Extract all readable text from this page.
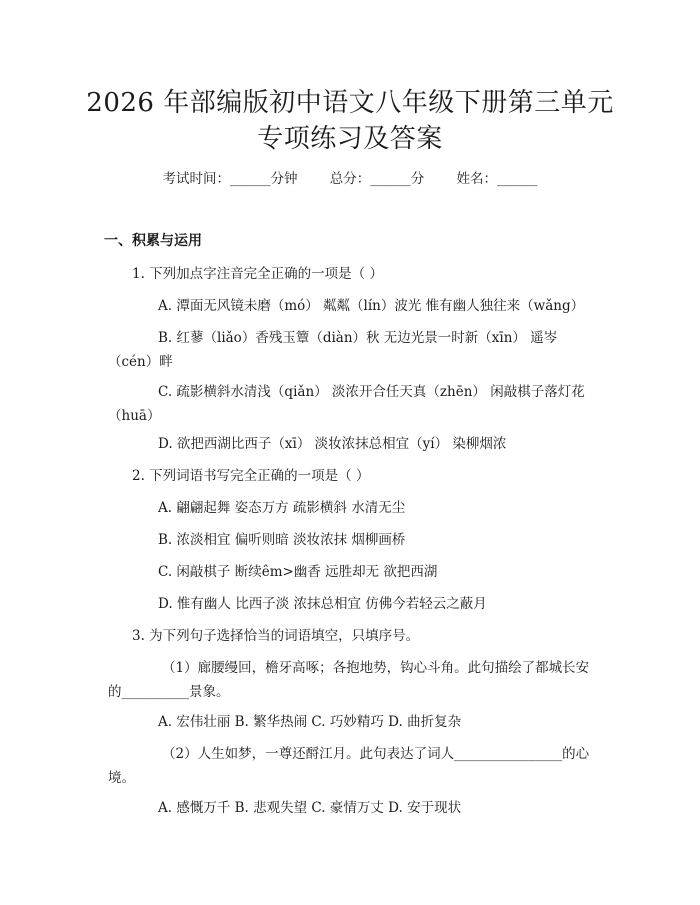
2026 年部编版初中语文八年级下册第三单元
专项练习及答案
考试时间：______分钟 总分：______分 姓名：______
一、积累与运用
1. 下列加点字注音完全正确的一项是（ ）
A. 潭面无风镜未磨（mó） 粼粼（lín）波光 惟有幽人独往来（wǎng）
B. 红蓼（liǎo）香残玉簟（diàn）秋 无边光景一时新（xīn） 遥岑
（cén）畔
C. 疏影横斜水清浅（qiǎn） 淡浓开合任天真（zhēn） 闲敲棋子落灯花
（huā）
D. 欲把西湖比西子（xī） 淡妆浓抹总相宜（yí） 染柳烟浓
2. 下列词语书写完全正确的一项是（ ）
A. 翩翩起舞 姿态万方 疏影横斜 水清无尘
B. 浓淡相宜 偏听则暗 淡妆浓抹 烟柳画桥
C. 闲敲棋子 断续êm>幽香 远胜却无 欲把西湖
D. 惟有幽人 比西子淡 浓抹总相宜 仿佛今若轻云之蔽月
3. 为下列句子选择恰当的词语填空，只填序号。
（1）廊腰缦回，檐牙高啄；各抱地势，钩心斗角。此句描绘了都城长安
的__________景象。
A. 宏伟壮丽 B. 繁华热闹 C. 巧妙精巧 D. 曲折复杂
（2）人生如梦，一尊还酹江月。此句表达了词人________________的心
境。
A. 感慨万千 B. 悲观失望 C. 豪情万丈 D. 安于现状
